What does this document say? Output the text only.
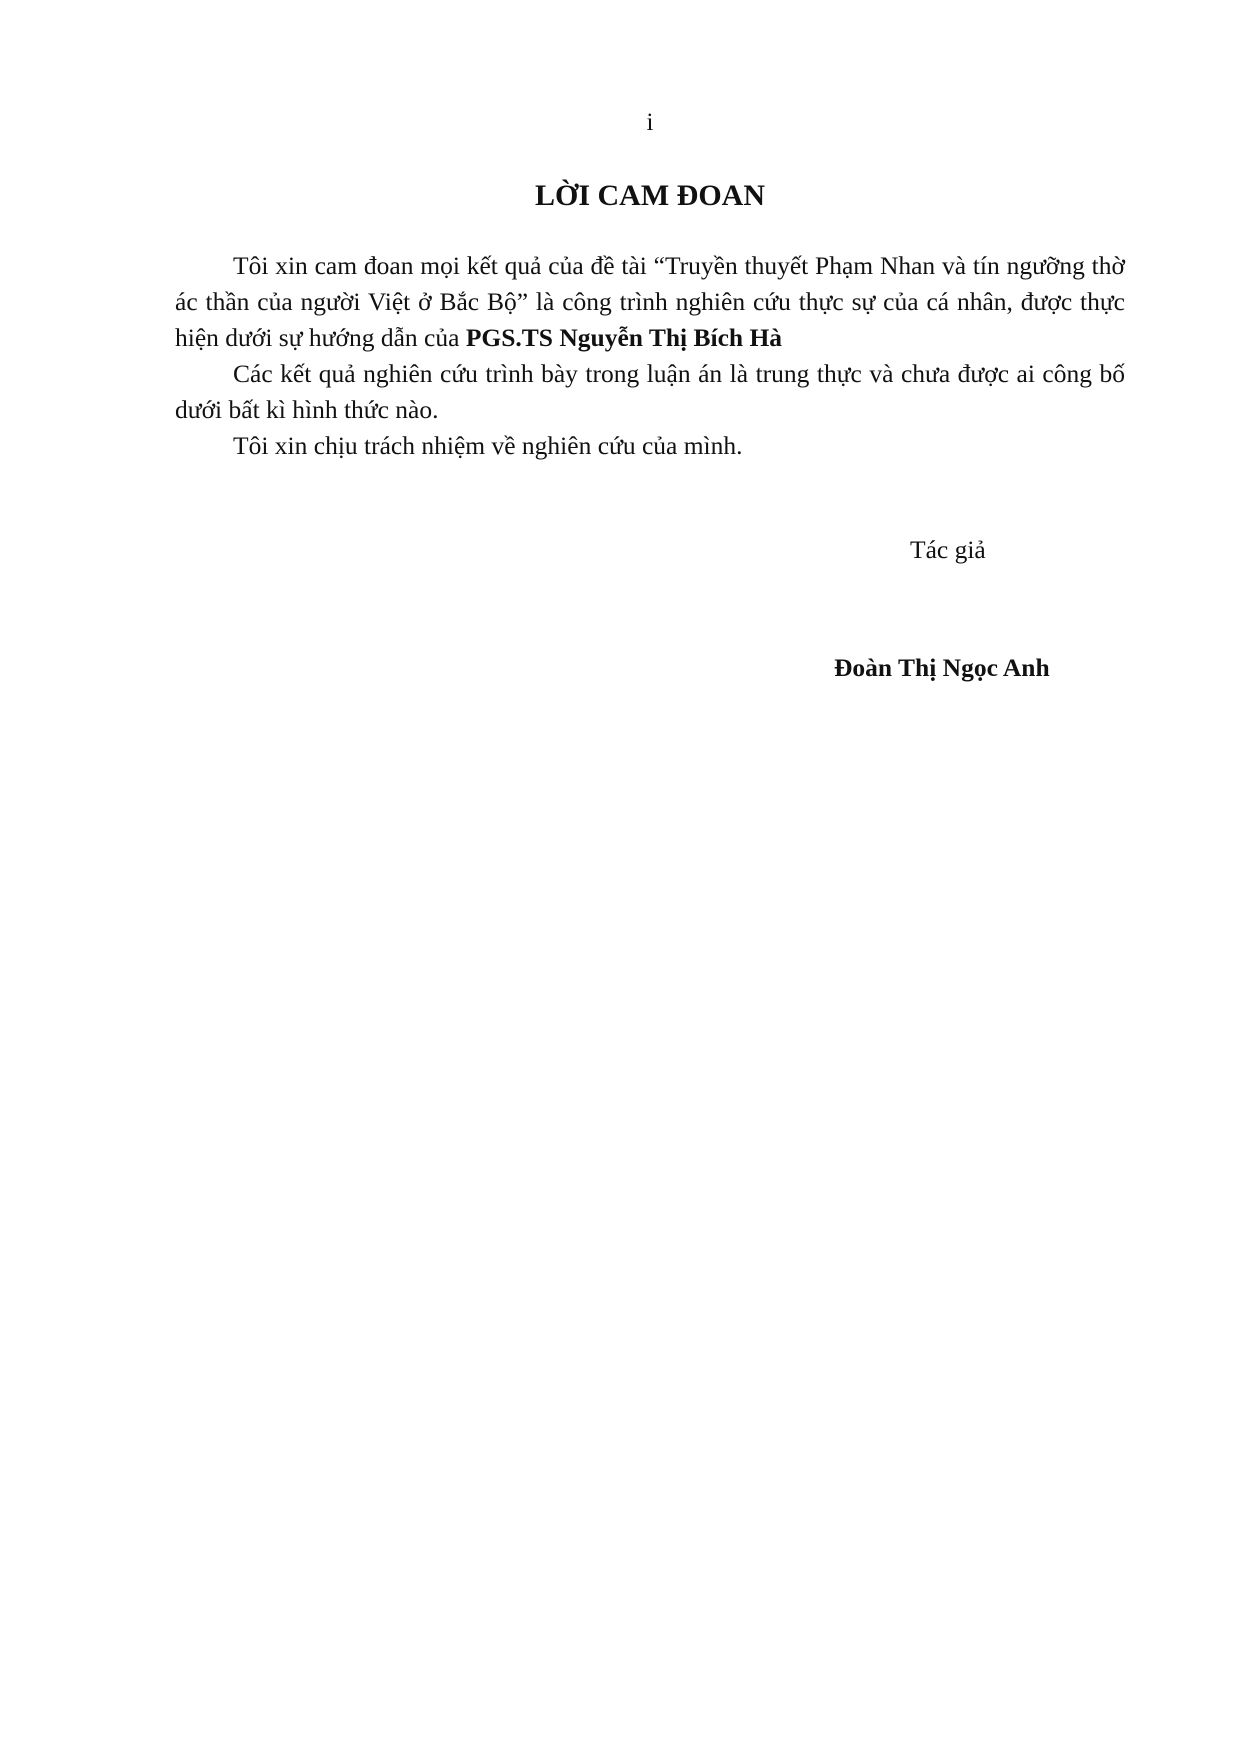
i
LỜI CAM ĐOAN

Tôi xin cam đoan mọi kết quả của đề tài “Truyền thuyết Phạm Nhan và tín ngưỡng thờ ác thần của người Việt ở Bắc Bộ” là công trình nghiên cứu thực sự của cá nhân, được thực hiện dưới sự hướng dẫn của PGS.TS Nguyễn Thị Bích Hà

Các kết quả nghiên cứu trình bày trong luận án là trung thực và chưa được ai công bố dưới bất kì hình thức nào.

Tôi xin chịu trách nhiệm về nghiên cứu của mình.

Tác giả
Đoàn Thị Ngọc Anh
